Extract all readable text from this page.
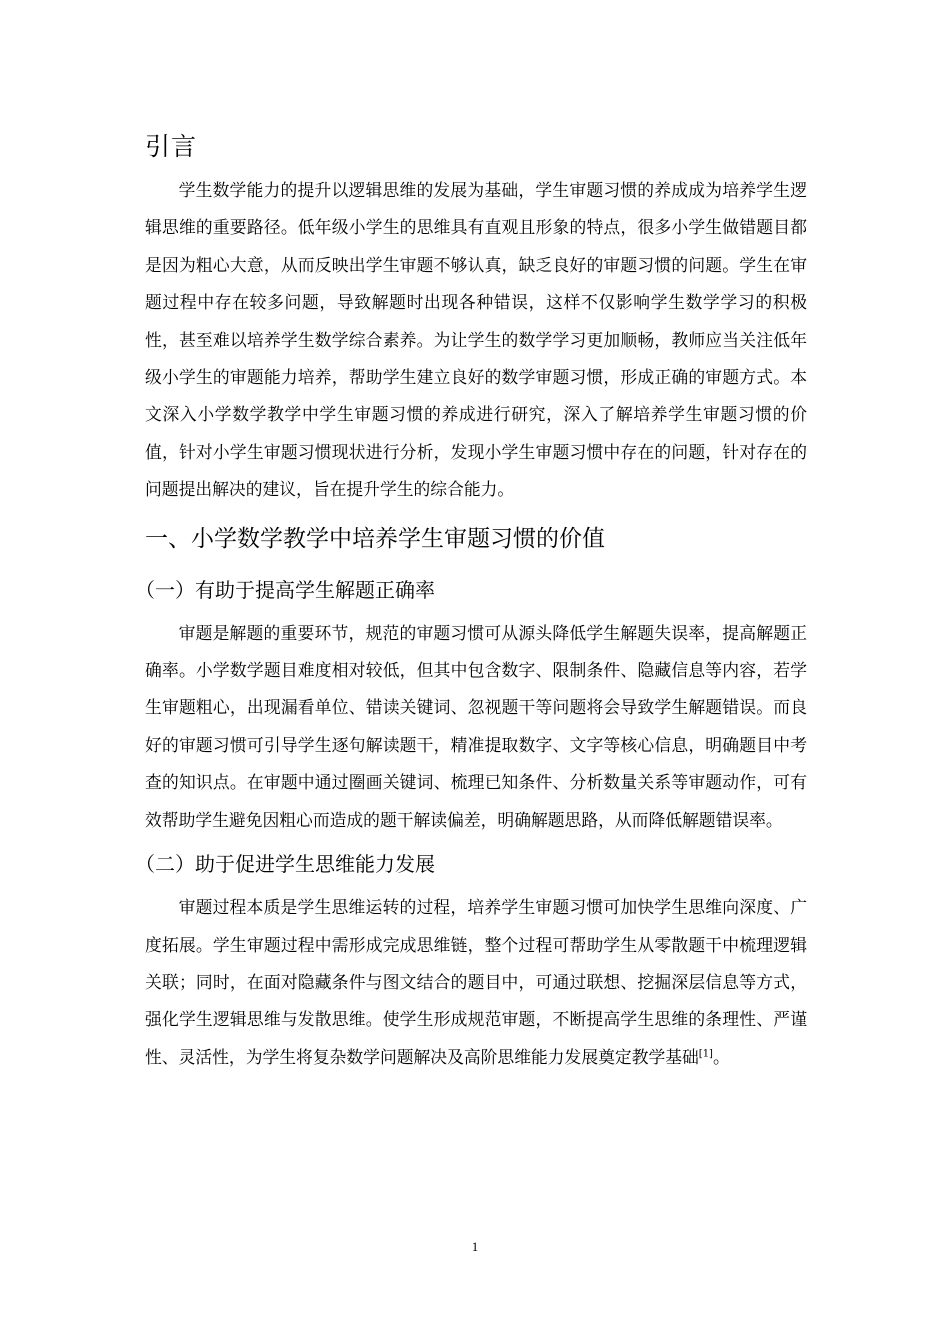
引言

学生数学能力的提升以逻辑思维的发展为基础，学生审题习惯的养成成为培养学生逻辑思维的重要路径。低年级小学生的思维具有直观且形象的特点，很多小学生做错题目都是因为粗心大意，从而反映出学生审题不够认真，缺乏良好的审题习惯的问题。学生在审题过程中存在较多问题，导致解题时出现各种错误，这样不仅影响学生数学学习的积极性，甚至难以培养学生数学综合素养。为让学生的数学学习更加顺畅，教师应当关注低年级小学生的审题能力培养，帮助学生建立良好的数学审题习惯，形成正确的审题方式。本文深入小学数学教学中学生审题习惯的养成进行研究，深入了解培养学生审题习惯的价值，针对小学生审题习惯现状进行分析，发现小学生审题习惯中存在的问题，针对存在的问题提出解决的建议，旨在提升学生的综合能力。

一、小学数学教学中培养学生审题习惯的价值
（一）有助于提高学生解题正确率

审题是解题的重要环节，规范的审题习惯可从源头降低学生解题失误率，提高解题正确率。小学数学题目难度相对较低，但其中包含数字、限制条件、隐藏信息等内容，若学生审题粗心，出现漏看单位、错读关键词、忽视题干等问题将会导致学生解题错误。而良好的审题习惯可引导学生逐句解读题干，精准提取数字、文字等核心信息，明确题目中考查的知识点。在审题中通过圈画关键词、梳理已知条件、分析数量关系等审题动作，可有效帮助学生避免因粗心而造成的题干解读偏差，明确解题思路，从而降低解题错误率。

（二）助于促进学生思维能力发展

审题过程本质是学生思维运转的过程，培养学生审题习惯可加快学生思维向深度、广度拓展。学生审题过程中需形成完成思维链，整个过程可帮助学生从零散题干中梳理逻辑关联；同时，在面对隐藏条件与图文结合的题目中，可通过联想、挖掘深层信息等方式，强化学生逻辑思维与发散思维。使学生形成规范审题，不断提高学生思维的条理性、严谨性、灵活性，为学生将复杂数学问题解决及高阶思维能力发展奠定教学基础[1]。

1
